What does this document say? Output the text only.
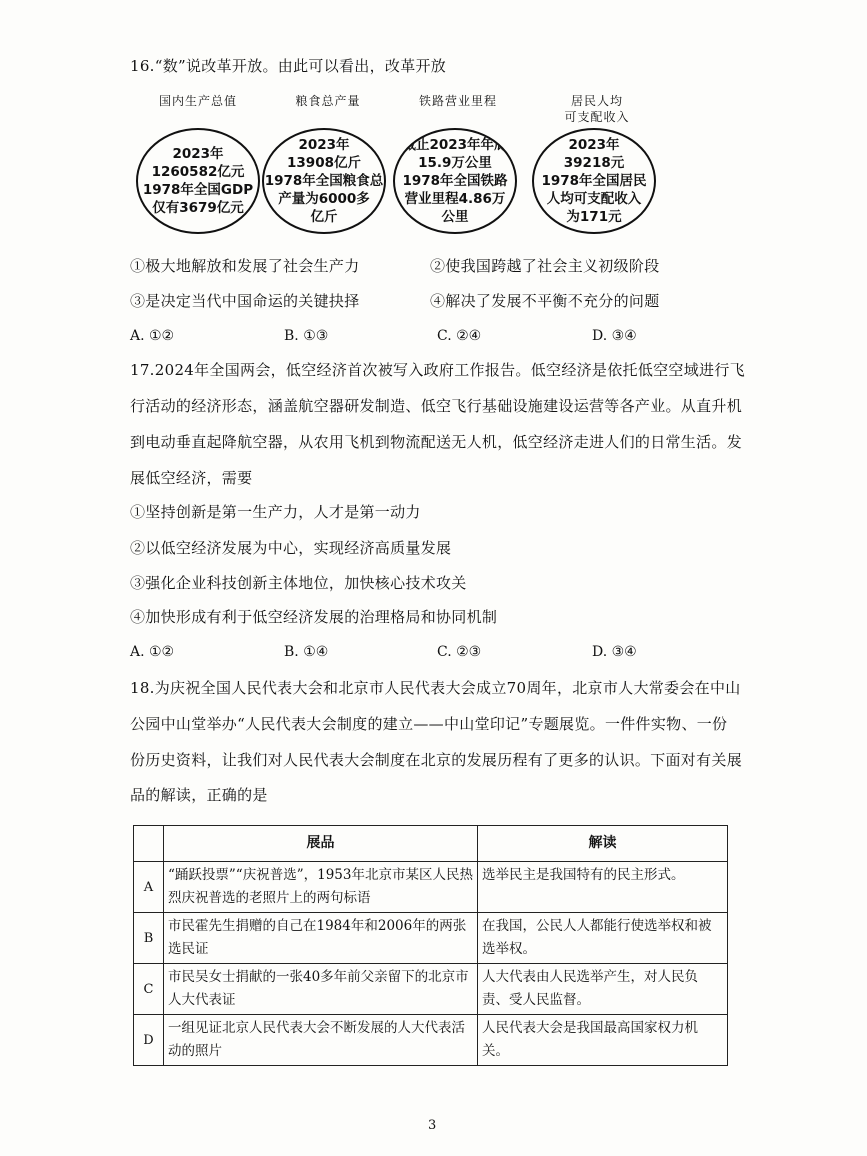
16.“数”说改革开放。由此可以看出，改革开放
国内生产总值	粮食总产量	铁路营业里程	居民人均
可支配收入
2023年
1260582亿元
1978年全国GDP
仅有3679亿元
2023年
13908亿斤
1978年全国粮食总
产量为6000多
亿斤
截止2023年年底
15.9万公里
1978年全国铁路
营业里程4.86万
公里
2023年
39218元
1978年全国居民
人均可支配收入
为171元
①极大地解放和发展了社会生产力	②使我国跨越了社会主义初级阶段
③是决定当代中国命运的关键抉择	④解决了发展不平衡不充分的问题
A. ①②	B. ①③	C. ②④	D. ③④
17.2024年全国两会，低空经济首次被写入政府工作报告。低空经济是依托低空空域进行飞
行活动的经济形态，涵盖航空器研发制造、低空飞行基础设施建设运营等各产业。从直升机
到电动垂直起降航空器，从农用飞机到物流配送无人机，低空经济走进人们的日常生活。发
展低空经济，需要
①坚持创新是第一生产力，人才是第一动力
②以低空经济发展为中心，实现经济高质量发展
③强化企业科技创新主体地位，加快核心技术攻关
④加快形成有利于低空经济发展的治理格局和协同机制
A. ①②	B. ①④	C. ②③	D. ③④
18.为庆祝全国人民代表大会和北京市人民代表大会成立70周年，北京市人大常委会在中山
公园中山堂举办“人民代表大会制度的建立——中山堂印记”专题展览。一件件实物、一份
份历史资料，让我们对人民代表大会制度在北京的发展历程有了更多的认识。下面对有关展
品的解读，正确的是
	展品	解读
A	“踊跃投票”“庆祝普选”，1953年北京市某区人民热烈庆祝普选的老照片上的两句标语	选举民主是我国特有的民主形式。
B	市民霍先生捐赠的自己在1984年和2006年的两张选民证	在我国，公民人人都能行使选举权和被选举权。
C	市民吴女士捐献的一张40多年前父亲留下的北京市人大代表证	人大代表由人民选举产生，对人民负责、受人民监督。
D	一组见证北京人民代表大会不断发展的人大代表活动的照片	人民代表大会是我国最高国家权力机关。
3
